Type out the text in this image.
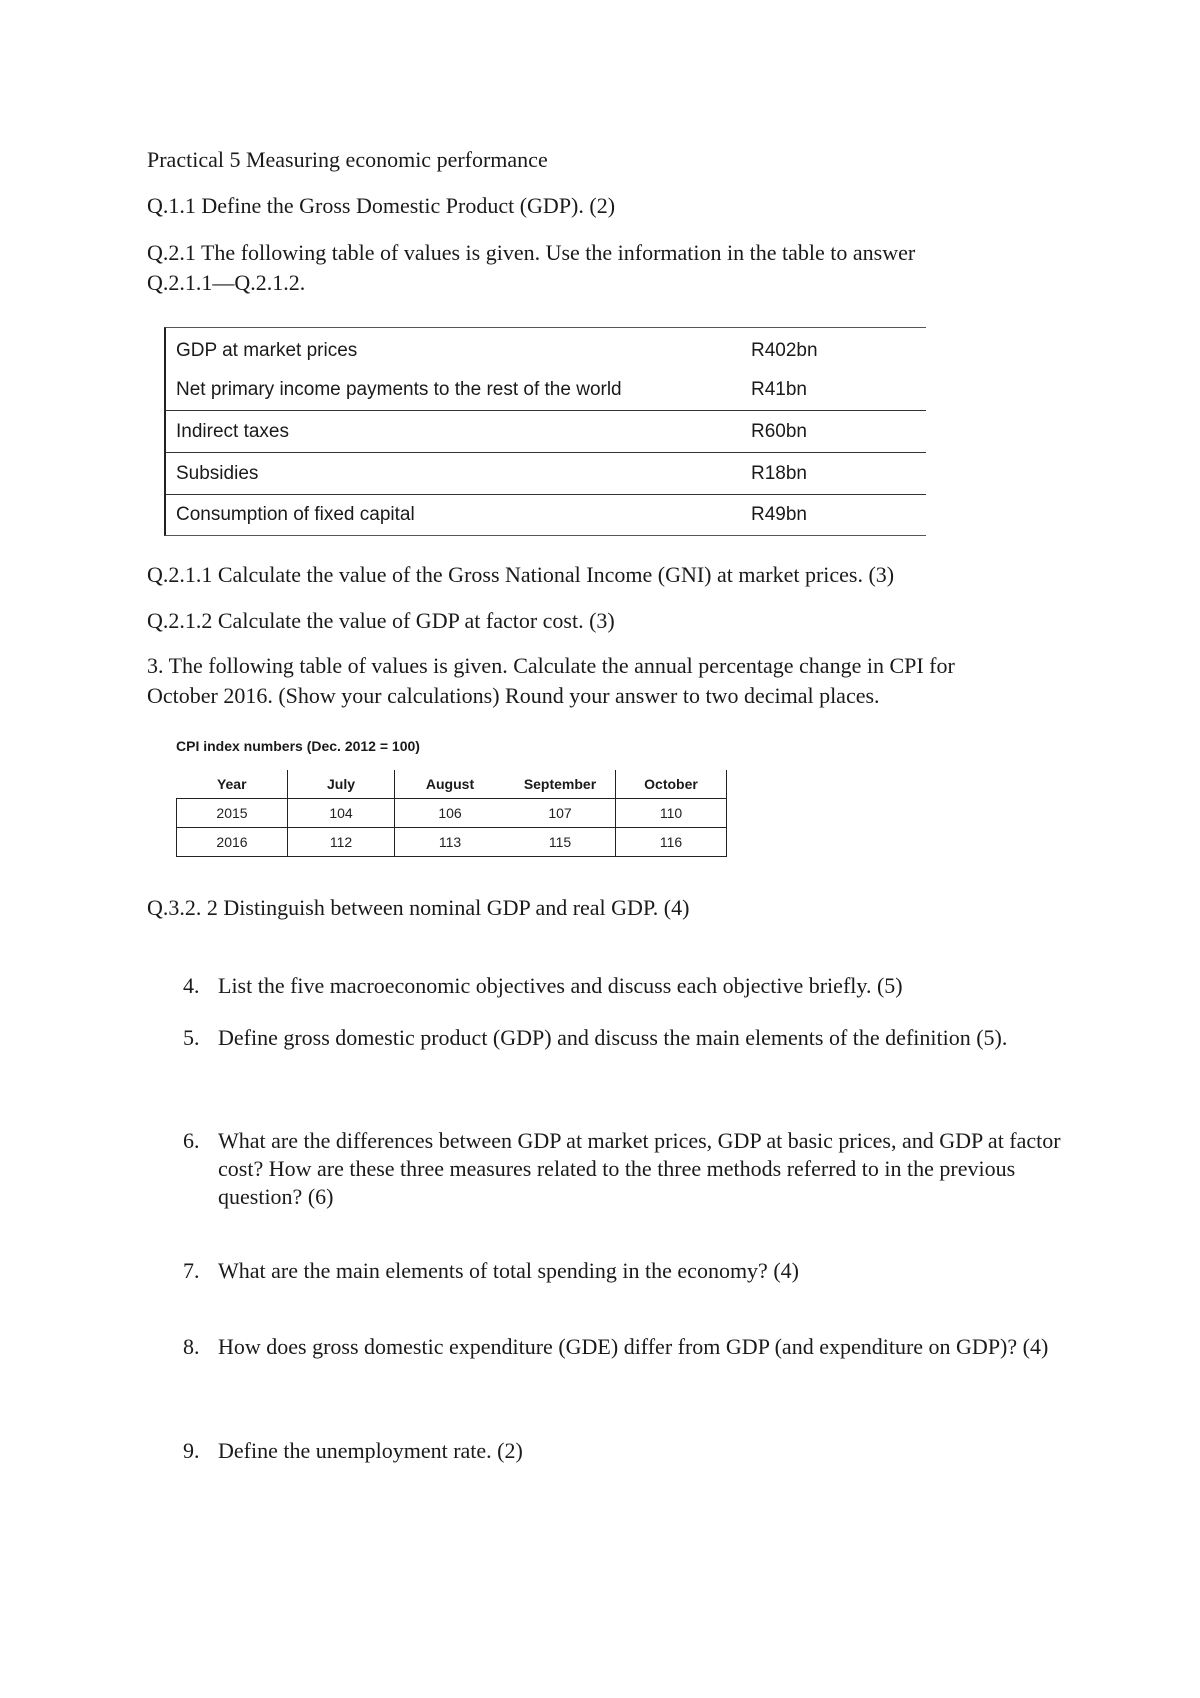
Practical 5 Measuring economic performance
Q.1.1 Define the Gross Domestic Product (GDP). (2)
Q.2.1 The following table of values is given. Use the information in the table to answer
Q.2.1.1—Q.2.1.2.
GDP at market prices	R402bn
Net primary income payments to the rest of the world	R41bn
Indirect taxes	R60bn
Subsidies	R18bn
Consumption of fixed capital	R49bn
Q.2.1.1 Calculate the value of the Gross National Income (GNI) at market prices. (3)
Q.2.1.2 Calculate the value of GDP at factor cost. (3)
3. The following table of values is given. Calculate the annual percentage change in CPI for
October 2016. (Show your calculations) Round your answer to two decimal places.
CPI index numbers (Dec. 2012 = 100)
Year	July	August	September	October
2015	104	106	107	110
2016	112	113	115	116
Q.3.2. 2 Distinguish between nominal GDP and real GDP. (4)
4. List the five macroeconomic objectives and discuss each objective briefly. (5)
5. Define gross domestic product (GDP) and discuss the main elements of the definition (5).
6. What are the differences between GDP at market prices, GDP at basic prices, and GDP at factor cost? How are these three measures related to the three methods referred to in the previous question? (6)
7. What are the main elements of total spending in the economy? (4)
8. How does gross domestic expenditure (GDE) differ from GDP (and expenditure on GDP)? (4)
9. Define the unemployment rate. (2)
